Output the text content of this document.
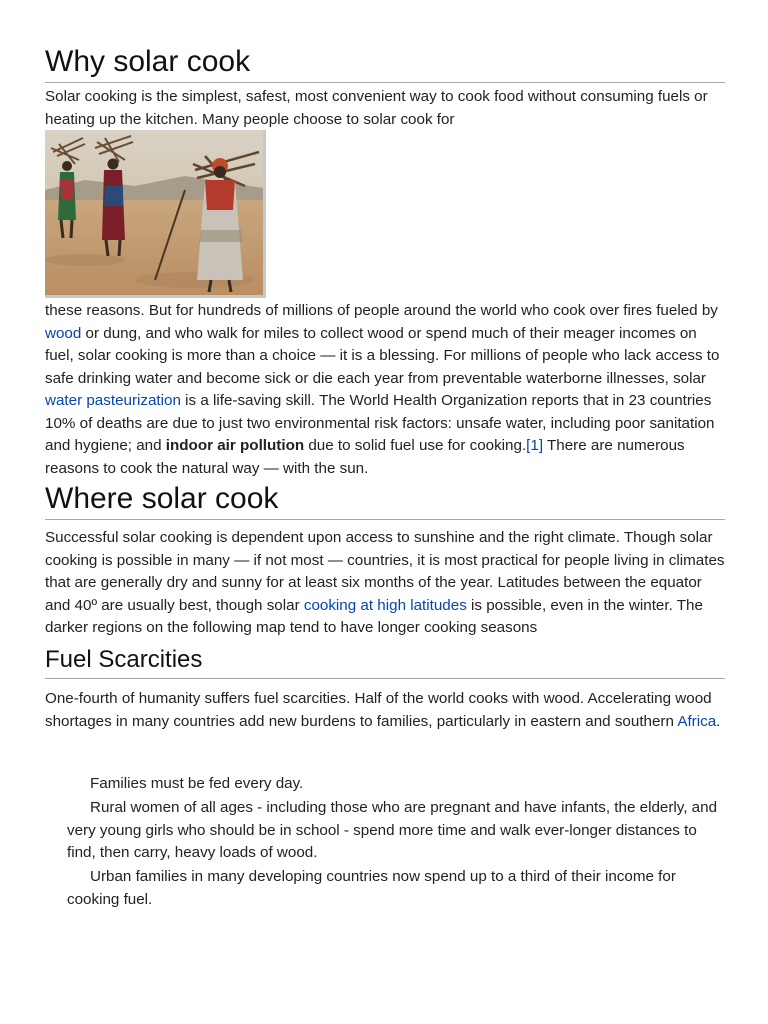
Why solar cook

Solar cooking is the simplest, safest, most convenient way to cook food without consuming fuels or heating up the kitchen. Many people choose to solar cook for

these reasons. But for hundreds of millions of people around the world who cook over fires fueled by wood or dung, and who walk for miles to collect wood or spend much of their meager incomes on fuel, solar cooking is more than a choice — it is a blessing. For millions of people who lack access to safe drinking water and become sick or die each year from preventable waterborne illnesses, solar water pasteurization is a life-saving skill. The World Health Organization reports that in 23 countries 10% of deaths are due to just two environmental risk factors: unsafe water, including poor sanitation and hygiene; and indoor air pollution due to solid fuel use for cooking.[1] There are numerous reasons to cook the natural way — with the sun.

Where solar cook

Successful solar cooking is dependent upon access to sunshine and the right climate. Though solar cooking is possible in many — if not most — countries, it is most practical for people living in climates that are generally dry and sunny for at least six months of the year. Latitudes between the equator and 40º are usually best, though solar cooking at high latitudes is possible, even in the winter. The darker regions on the following map tend to have longer cooking seasons

Fuel Scarcities

One-fourth of humanity suffers fuel scarcities. Half of the world cooks with wood. Accelerating wood shortages in many countries add new burdens to families, particularly in eastern and southern Africa.

Families must be fed every day.

Rural women of all ages - including those who are pregnant and have infants, the elderly, and very young girls who should be in school - spend more time and walk ever-longer distances to find, then carry, heavy loads of wood.

Urban families in many developing countries now spend up to a third of their income for cooking fuel.
